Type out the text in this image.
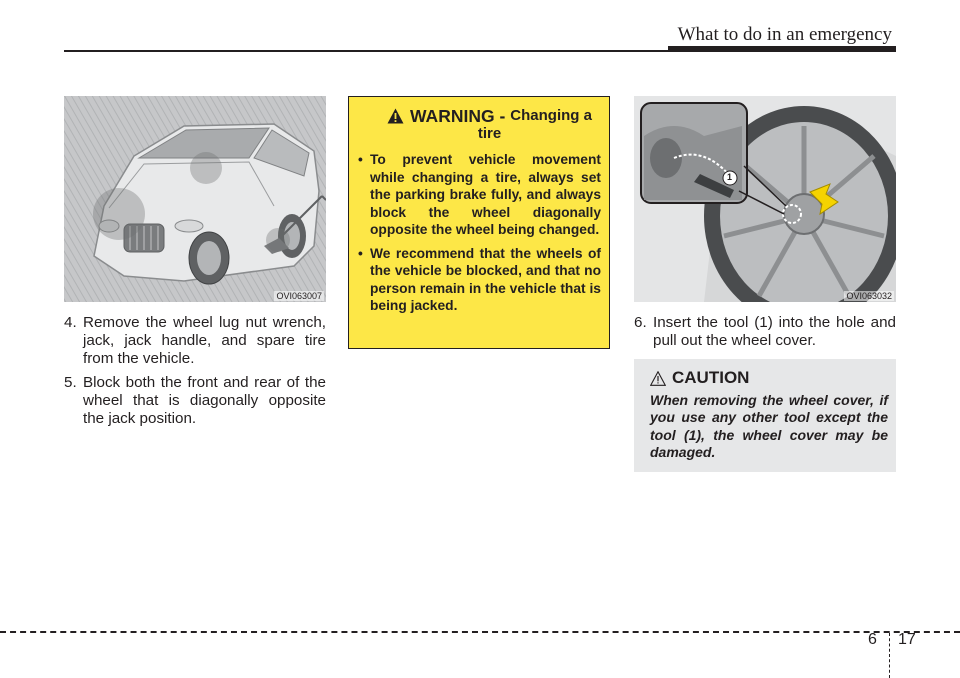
What to do in an emergency
OVI063007
4. Remove the wheel lug nut wrench, jack, jack handle, and spare tire from the vehicle.
5. Block both the front and rear of the wheel that is diagonally opposite the jack position.
WARNING - Changing a
tire
• To prevent vehicle movement while changing a tire, always set the parking brake fully, and always block the wheel diagonally opposite the wheel being changed.
• We recommend that the wheels of the vehicle be blocked, and that no person remain in the vehicle that is being jacked.
1
OVI063032
6. Insert the tool (1) into the hole and pull out the wheel cover.
CAUTION
When removing the wheel cover, if you use any other tool except the tool (1), the wheel cover may be damaged.
6 17
